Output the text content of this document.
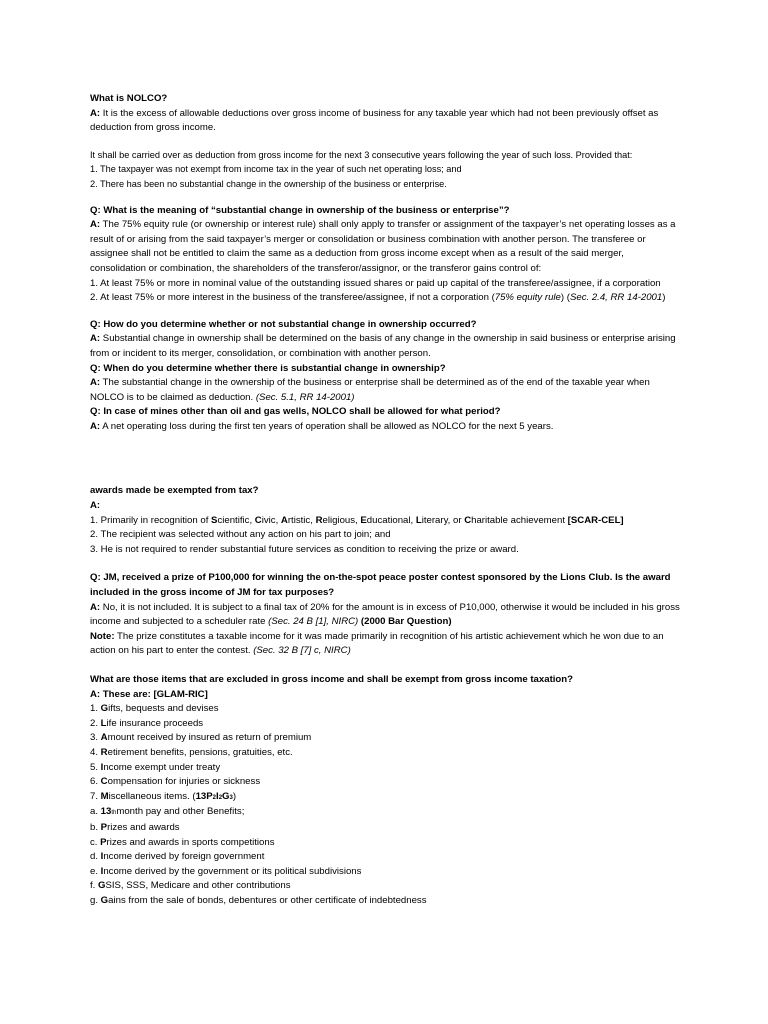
What is NOLCO?

A: It is the excess of allowable deductions over gross income of business for any taxable year which had not been previously offset as deduction from gross income.

It shall be carried over as deduction from gross income for the next 3 consecutive years following the year of such loss. Provided that:

1. The taxpayer was not exempt from income tax in the year of such net operating loss; and

2. There has been no substantial change in the ownership of the business or enterprise.

Q: What is the meaning of “substantial change in ownership of the business or enterprise”?

A: The 75% equity rule (or ownership or interest rule) shall only apply to transfer or assignment of the taxpayer’s net operating losses as a result of or arising from the said taxpayer’s merger or consolidation or business combination with another person. The transferee or assignee shall not be entitled to claim the same as a deduction from gross income except when as a result of the said merger, consolidation or combination, the shareholders of the transferor/assignor, or the transferor gains control of:

1. At least 75% or more in nominal value of the outstanding issued shares or paid up capital of the transferee/assignee, if a corporation

2. At least 75% or more interest in the business of the transferee/assignee, if not a corporation (75% equity rule) (Sec. 2.4, RR 14-2001)

Q: How do you determine whether or not substantial change in ownership occurred?

A: Substantial change in ownership shall be determined on the basis of any change in the ownership in said business or enterprise arising from or incident to its merger, consolidation, or combination with another person.

Q: When do you determine whether there is substantial change in ownership?

A: The substantial change in the ownership of the business or enterprise shall be determined as of the end of the taxable year when NOLCO is to be claimed as deduction. (Sec. 5.1, RR 14-2001)

Q: In case of mines other than oil and gas wells, NOLCO shall be allowed for what period?

A: A net operating loss during the first ten years of operation shall be allowed as NOLCO for the next 5 years.

awards made be exempted from tax?

A:

1. Primarily in recognition of Scientific, Civic, Artistic, Religious, Educational, Literary, or Charitable achievement [SCAR-CEL]

2. The recipient was selected without any action on his part to join; and

3. He is not required to render substantial future services as condition to receiving the prize or award.

Q: JM, received a prize of P100,000 for winning the on-the-spot peace poster contest sponsored by the Lions Club. Is the award included in the gross income of JM for tax purposes?

A: No, it is not included. It is subject to a final tax of 20% for the amount is in excess of P10,000, otherwise it would be included in his gross income and subjected to a scheduler rate (Sec. 24 B [1], NIRC) (2000 Bar Question)

Note: The prize constitutes a taxable income for it was made primarily in recognition of his artistic achievement which he won due to an action on his part to enter the contest. (Sec. 32 B [7] c, NIRC)

What are those items that are excluded in gross income and shall be exempt from gross income taxation?

A: These are: [GLAM-RIC]

1. Gifts, bequests and devises

2. Life insurance proceeds

3. Amount received by insured as return of premium

4. Retirement benefits, pensions, gratuities, etc.

5. Income exempt under treaty

6. Compensation for injuries or sickness

7. Miscellaneous items. (13P2I2G3)

a. 13thmonth pay and other Benefits;

b. Prizes and awards

c. Prizes and awards in sports competitions

d. Income derived by foreign government

e. Income derived by the government or its political subdivisions

f. GSIS, SSS, Medicare and other contributions

g. Gains from the sale of bonds, debentures or other certificate of indebtedness
